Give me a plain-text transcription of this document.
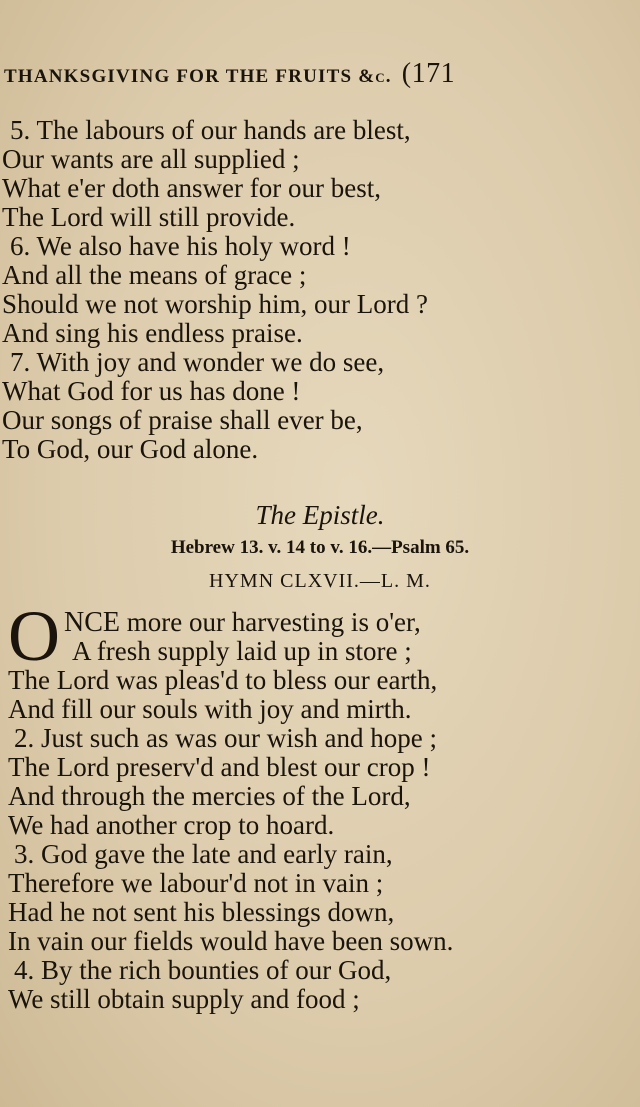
THANKSGIVING FOR THE FRUITS &c. (171
5. The labours of our hands are blest,
Our wants are all supplied ;
What e'er doth answer for our best,
The Lord will still provide.
6. We also have his holy word !
And all the means of grace ;
Should we not worship him, our Lord ?
And sing his endless praise.
7. With joy and wonder we do see,
What God for us has done !
Our songs of praise shall ever be,
To God, our God alone.
The Epistle.
Hebrew 13. v. 14 to v. 16.—Psalm 65.
HYMN CLXVII.—L. M.
O NCE more our harvesting is o'er,
A fresh supply laid up in store ;
The Lord was pleas'd to bless our earth,
And fill our souls with joy and mirth.
2. Just such as was our wish and hope ;
The Lord preserv'd and blest our crop !
And through the mercies of the Lord,
We had another crop to hoard.
3. God gave the late and early rain,
Therefore we labour'd not in vain ;
Had he not sent his blessings down,
In vain our fields would have been sown.
4. By the rich bounties of our God,
We still obtain supply and food ;
